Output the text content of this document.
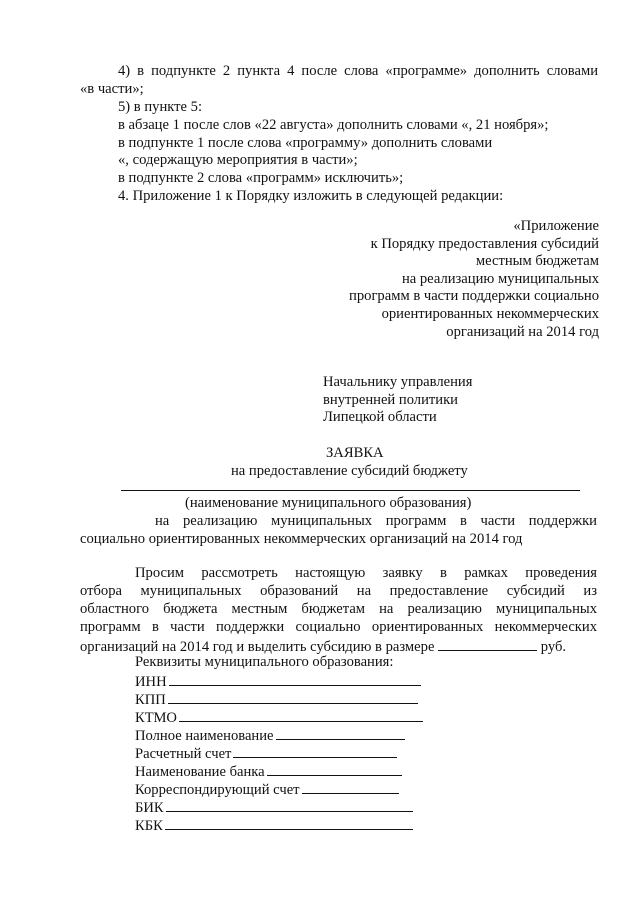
4) в подпункте 2 пункта 4 после слова «программе» дополнить словами

«в части»;

5) в пункте 5:

в абзаце 1 после слов «22 августа» дополнить словами «, 21 ноября»;

в подпункте 1 после слова «программу» дополнить словами

«, содержащую мероприятия в части»;

в подпункте 2 слова «программ» исключить»;

4. Приложение 1 к Порядку изложить в следующей редакции:

«Приложение

к Порядку предоставления субсидий

местным бюджетам

на реализацию муниципальных

программ в части поддержки социально

ориентированных некоммерческих

организаций на 2014 год

Начальнику управления

внутренней политики

Липецкой области

ЗАЯВКА

на предоставление субсидий бюджету

(наименование муниципального образования)

на реализацию муниципальных программ в части поддержки

социально ориентированных некоммерческих организаций на 2014 год

Просим рассмотреть настоящую заявку в рамках проведения

отбора муниципальных образований на предоставление субсидий из

областного бюджета местным бюджетам на реализацию муниципальных

программ в части поддержки социально ориентированных некоммерческих

организаций на 2014 год и выделить субсидию в размере	руб.

Реквизиты муниципального образования:

ИНН
КПП
КТМО
Полное наименование
Расчетный счет
Наименование банка
Корреспондирующий счет
БИК
КБК
